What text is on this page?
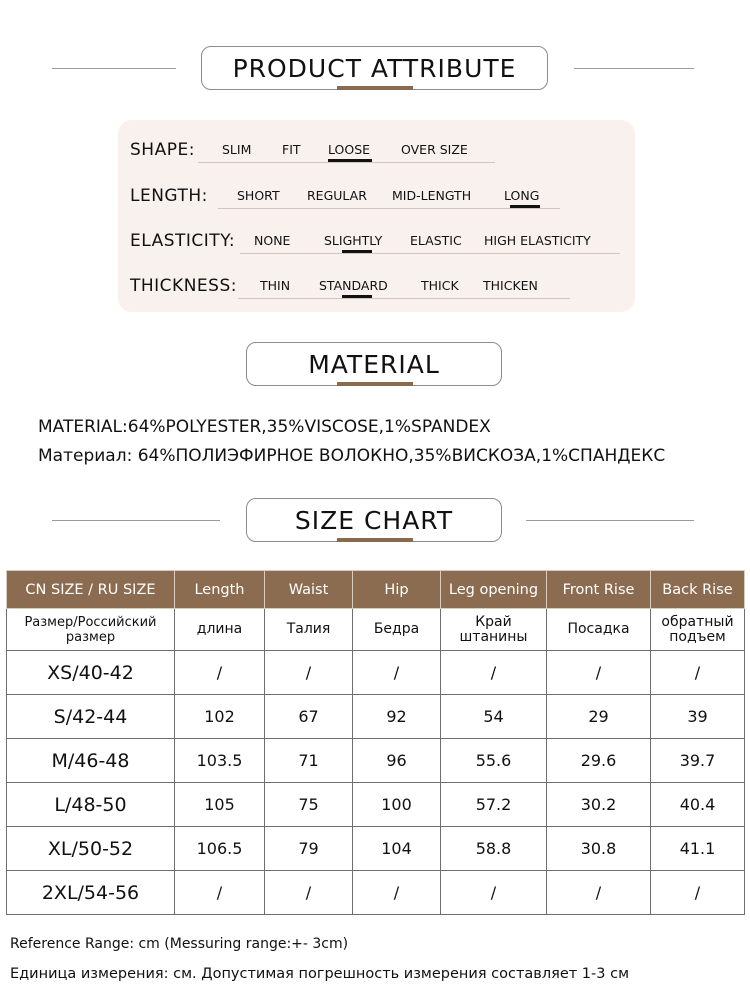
PRODUCT ATTRIBUTE
SHAPE: SLIM FIT LOOSE OVER SIZE
LENGTH: SHORT REGULAR MID-LENGTH	LONG
ELASTICITY: NONE	SLIGHTLY ELASTIC HIGH ELASTICITY
THICKNESS: THIN STANDARD	THICK THICKEN
MATERIAL
MATERIAL:64%POLYESTER,35%VISCOSE,1%SPANDEX
Материал: 64%ПОЛИЭФИРНОЕ ВОЛОКНО,35%ВИСКОЗА,1%СПАНДЕКС
SIZE CHART
CN SIZE / RU SIZE	Length	Waist	Hip	Leg opening	Front Rise	Back Rise
Размер/Российский размер	длина	Талия	Бедра	Край штанины	Посадка	обратный подъем
XS/40-42	/	/	/	/	/	/
S/42-44	102	67	92	54	29	39
M/46-48	103.5	71	96	55.6	29.6	39.7
L/48-50	105	75	100	57.2	30.2	40.4
XL/50-52	106.5	79	104	58.8	30.8	41.1
2XL/54-56	/	/	/	/	/	/
Reference Range: cm (Messuring range:+- 3cm)
Единица измерения: см. Допустимая погрешность измерения составляет 1-3 см
